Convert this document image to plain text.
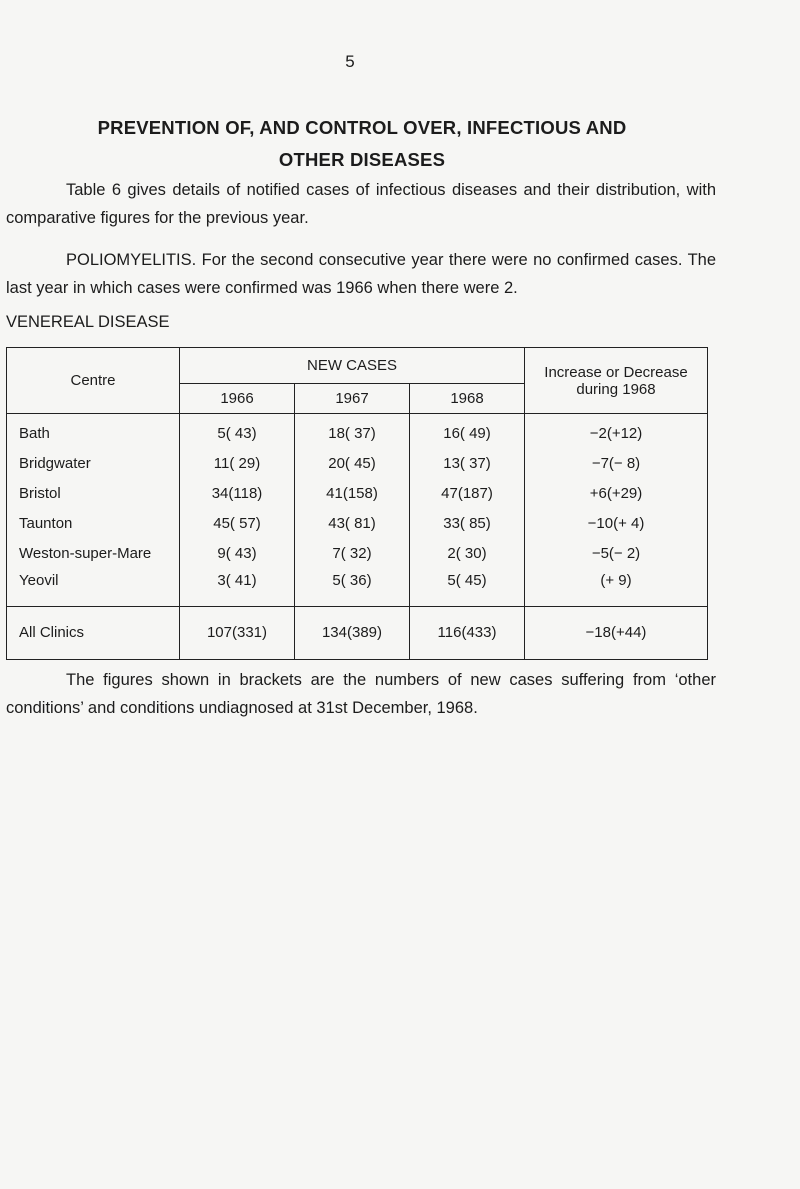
5
PREVENTION OF, AND CONTROL OVER, INFECTIOUS AND
OTHER DISEASES
Table 6 gives details of notified cases of infectious diseases and their distribution, with comparative figures for the previous year.
POLIOMYELITIS. For the second consecutive year there were no confirmed cases. The last year in which cases were confirmed was 1966 when there were 2.
VENEREAL DISEASE
Centre	NEW CASES			Increase or Decrease
during 1968

	1966	1967	1968	
Bath	5( 43)	18( 37)	16( 49)	−2(+12)
Bridgwater	11( 29)	20( 45)	13( 37)	−7(− 8)
Bristol	34(118)	41(158)	47(187)	+6(+29)
Taunton	45( 57)	43( 81)	33( 85)	−10(+ 4)
Weston-super-Mare	9( 43)	7( 32)	2( 30)	−5(− 2)
Yeovil	3( 41)	5( 36)	5( 45)	(+ 9)
All Clinics	107(331)	134(389)	116(433)	−18(+44)
The figures shown in brackets are the numbers of new cases suffering from ‘other conditions’ and conditions undiagnosed at 31st December, 1968.
